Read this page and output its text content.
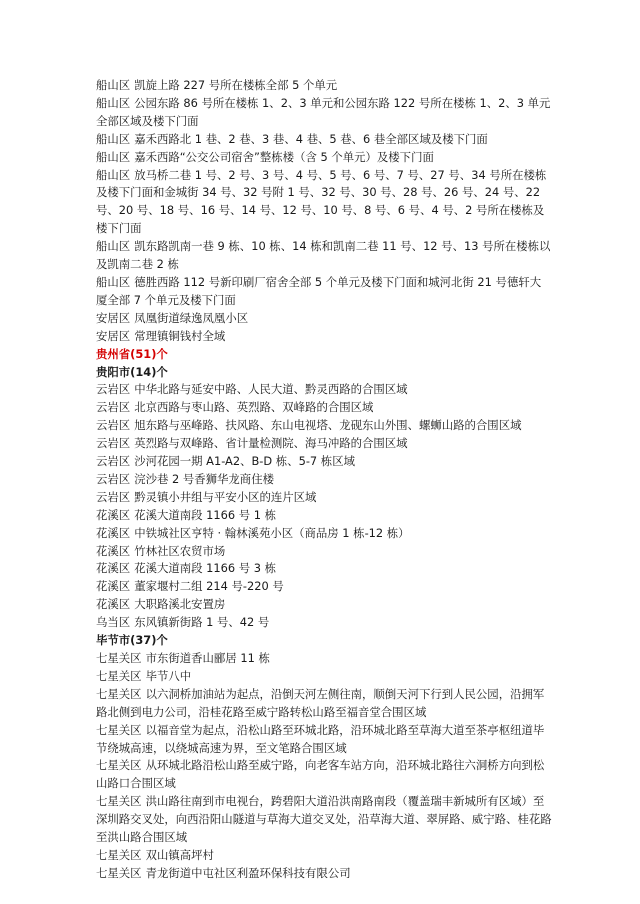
船山区 凯旋上路 227 号所在楼栋全部 5 个单元
船山区 公园东路 86 号所在楼栋 1、2、3 单元和公园东路 122 号所在楼栋 1、2、3 单元全部区域及楼下门面
船山区 嘉禾西路北 1 巷、2 巷、3 巷、4 巷、5 巷、6 巷全部区域及楼下门面
船山区 嘉禾西路“公交公司宿舍”整栋楼（含 5 个单元）及楼下门面
船山区 放马桥二巷 1 号、2 号、3 号、4 号、5 号、6 号、7 号、27 号、34 号所在楼栋及楼下门面和金城街 34 号、32 号附 1 号、32 号、30 号、28 号、26 号、24 号、22 号、20 号、18 号、16 号、14 号、12 号、10 号、8 号、6 号、4 号、2 号所在楼栋及楼下门面
船山区 凯东路凯南一巷 9 栋、10 栋、14 栋和凯南二巷 11 号、12 号、13 号所在楼栋以及凯南二巷 2 栋
船山区 德胜西路 112 号新印刷厂宿舍全部 5 个单元及楼下门面和城河北街 21 号德轩大厦全部 7 个单元及楼下门面
安居区 凤凰街道绿逸凤凰小区
安居区 常理镇铜钱村全域
贵州省(51)个
贵阳市(14)个
云岩区 中华北路与延安中路、人民大道、黔灵西路的合围区域
云岩区 北京西路与枣山路、英烈路、双峰路的合围区域
云岩区 旭东路与巫峰路、扶风路、东山电视塔、龙砚东山外围、螺蛳山路的合围区域
云岩区 英烈路与双峰路、省计量检测院、海马冲路的合围区域
云岩区 沙河花园一期 A1-A2、B-D 栋、5-7 栋区域
云岩区 浣沙巷 2 号香狮华龙商住楼
云岩区 黔灵镇小井组与平安小区的连片区域
花溪区 花溪大道南段 1166 号 1 栋
花溪区 中铁城社区亨特 · 翰林溪苑小区（商品房 1 栋-12 栋）
花溪区 竹林社区农贸市场
花溪区 花溪大道南段 1166 号 3 栋
花溪区 董家堰村二组 214 号-220 号
花溪区 大职路溪北安置房
乌当区 东风镇新街路 1 号、42 号
毕节市(37)个
七星关区 市东街道香山郦居 11 栋
七星关区 毕节八中
七星关区 以六洞桥加油站为起点，沿倒天河左侧往南，顺倒天河下行到人民公园，沿拥军路北侧到电力公司，沿桂花路至威宁路转松山路至福音堂合围区域
七星关区 以福音堂为起点，沿松山路至环城北路，沿环城北路至草海大道至茶亭枢纽道毕节绕城高速，以绕城高速为界，至文笔路合围区域
七星关区 从环城北路沿松山路至威宁路，向老客车站方向，沿环城北路往六洞桥方向到松山路口合围区域
七星关区 洪山路往南到市电视台，跨碧阳大道沿洪南路南段（覆盖瑞丰新城所有区域）至深圳路交叉处，向西沿阳山隧道与草海大道交叉处，沿草海大道、翠屏路、威宁路、桂花路至洪山路合围区域
七星关区 双山镇高坪村
七星关区 青龙街道中屯社区利盈环保科技有限公司
